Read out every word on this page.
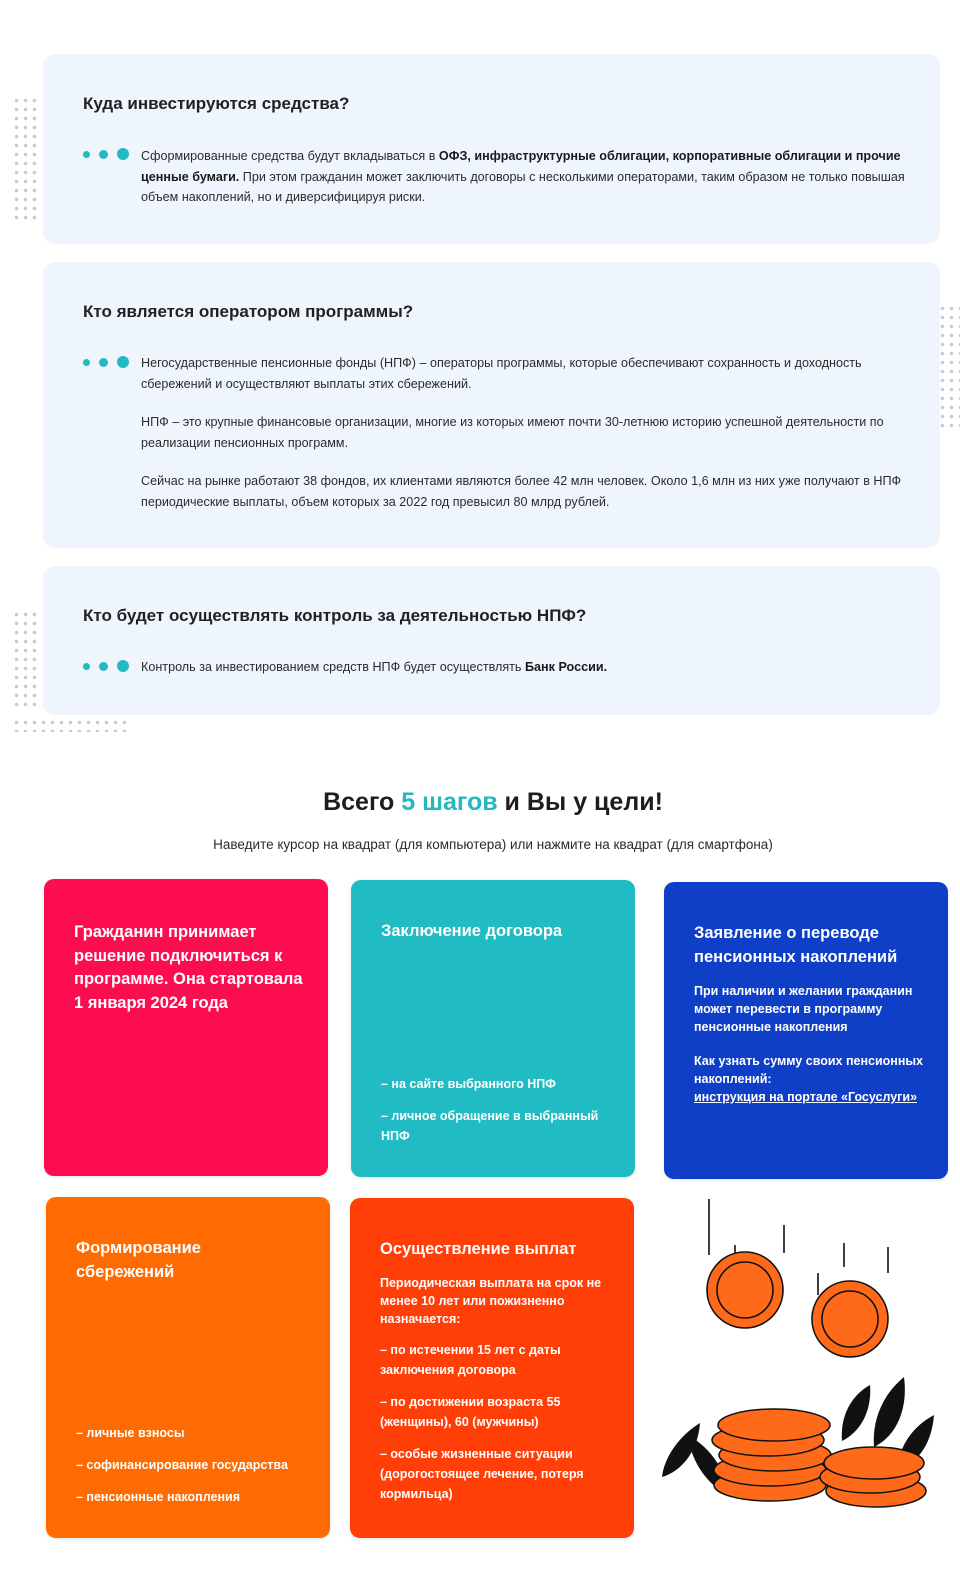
Куда инвестируются средства?

Сформированные средства будут вкладываться в ОФЗ, инфраструктурные облигации, корпоративные облигации и прочие ценные бумаги. При этом гражданин может заключить договоры с несколькими операторами, таким образом не только повышая объем накоплений, но и диверсифицируя риски.

Кто является оператором программы?

Негосударственные пенсионные фонды (НПФ) – операторы программы, которые обеспечивают сохранность и доходность сбережений и осуществляют выплаты этих сбережений.

НПФ – это крупные финансовые организации, многие из которых имеют почти 30-летнюю историю успешной деятельности по реализации пенсионных программ.

Сейчас на рынке работают 38 фондов, их клиентами являются более 42 млн человек. Около 1,6 млн из них уже получают в НПФ периодические выплаты, объем которых за 2022 год превысил 80 млрд рублей.

Кто будет осуществлять контроль за деятельностью НПФ?

Контроль за инвестированием средств НПФ будет осуществлять Банк России.

Всего 5 шагов и Вы у цели!

Наведите курсор на квадрат (для компьютера) или нажмите на квадрат (для смартфона)

Гражданин принимает решение подключиться к программе. Она стартовала 1 января 2024 года
Заключение договора
– на сайте выбранного НПФ
– личное обращение в выбранный НПФ
Заявление о переводе пенсионных накоплений

При наличии и желании гражданин может перевести в программу пенсионные накопления

Как узнать сумму своих пенсионных накоплений:
инструкция на портале «Госуслуги»

Формирование сбережений
– личные взносы
– софинансирование государства
– пенсионные накопления
Осуществление выплат
Периодическая выплата на срок не менее 10 лет или пожизненно назначается:
– по истечении 15 лет с даты заключения договора
– по достижении возраста 55 (женщины), 60 (мужчины)
– особые жизненные ситуации (дорогостоящее лечение, потеря кормильца)
